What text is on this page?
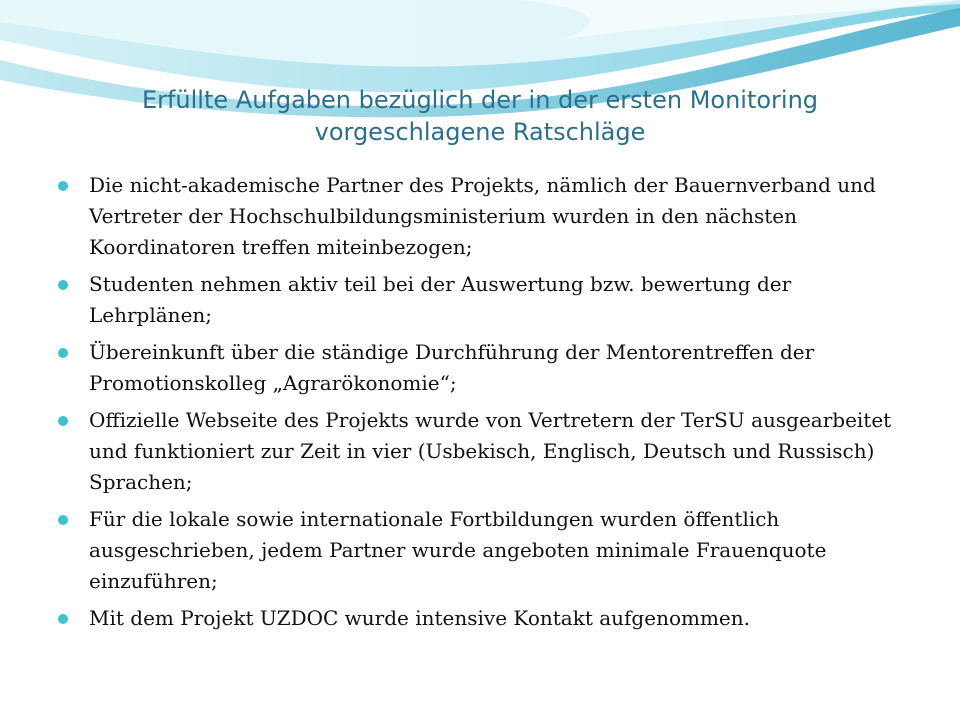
Erfüllte Aufgaben bezüglich der in der ersten Monitoring vorgeschlagene Ratschläge
Die nicht-akademische Partner des Projekts, nämlich der Bauernverband und Vertreter der Hochschulbildungsministerium wurden in den nächsten Koordinatoren treffen miteinbezogen;
Studenten nehmen aktiv teil bei der Auswertung bzw. bewertung der Lehrplänen;
Übereinkunft über die ständige Durchführung der Mentorentreffen der Promotionskolleg „Agrarökonomie“;
Offizielle Webseite des Projekts wurde von Vertretern der TerSU ausgearbeitet und funktioniert zur Zeit in vier (Usbekisch, Englisch, Deutsch und Russisch) Sprachen;
Für die lokale sowie internationale Fortbildungen wurden öffentlich ausgeschrieben, jedem Partner wurde angeboten minimale Frauenquote einzuführen;
Mit dem Projekt UZDOC wurde intensive Kontakt aufgenommen.
